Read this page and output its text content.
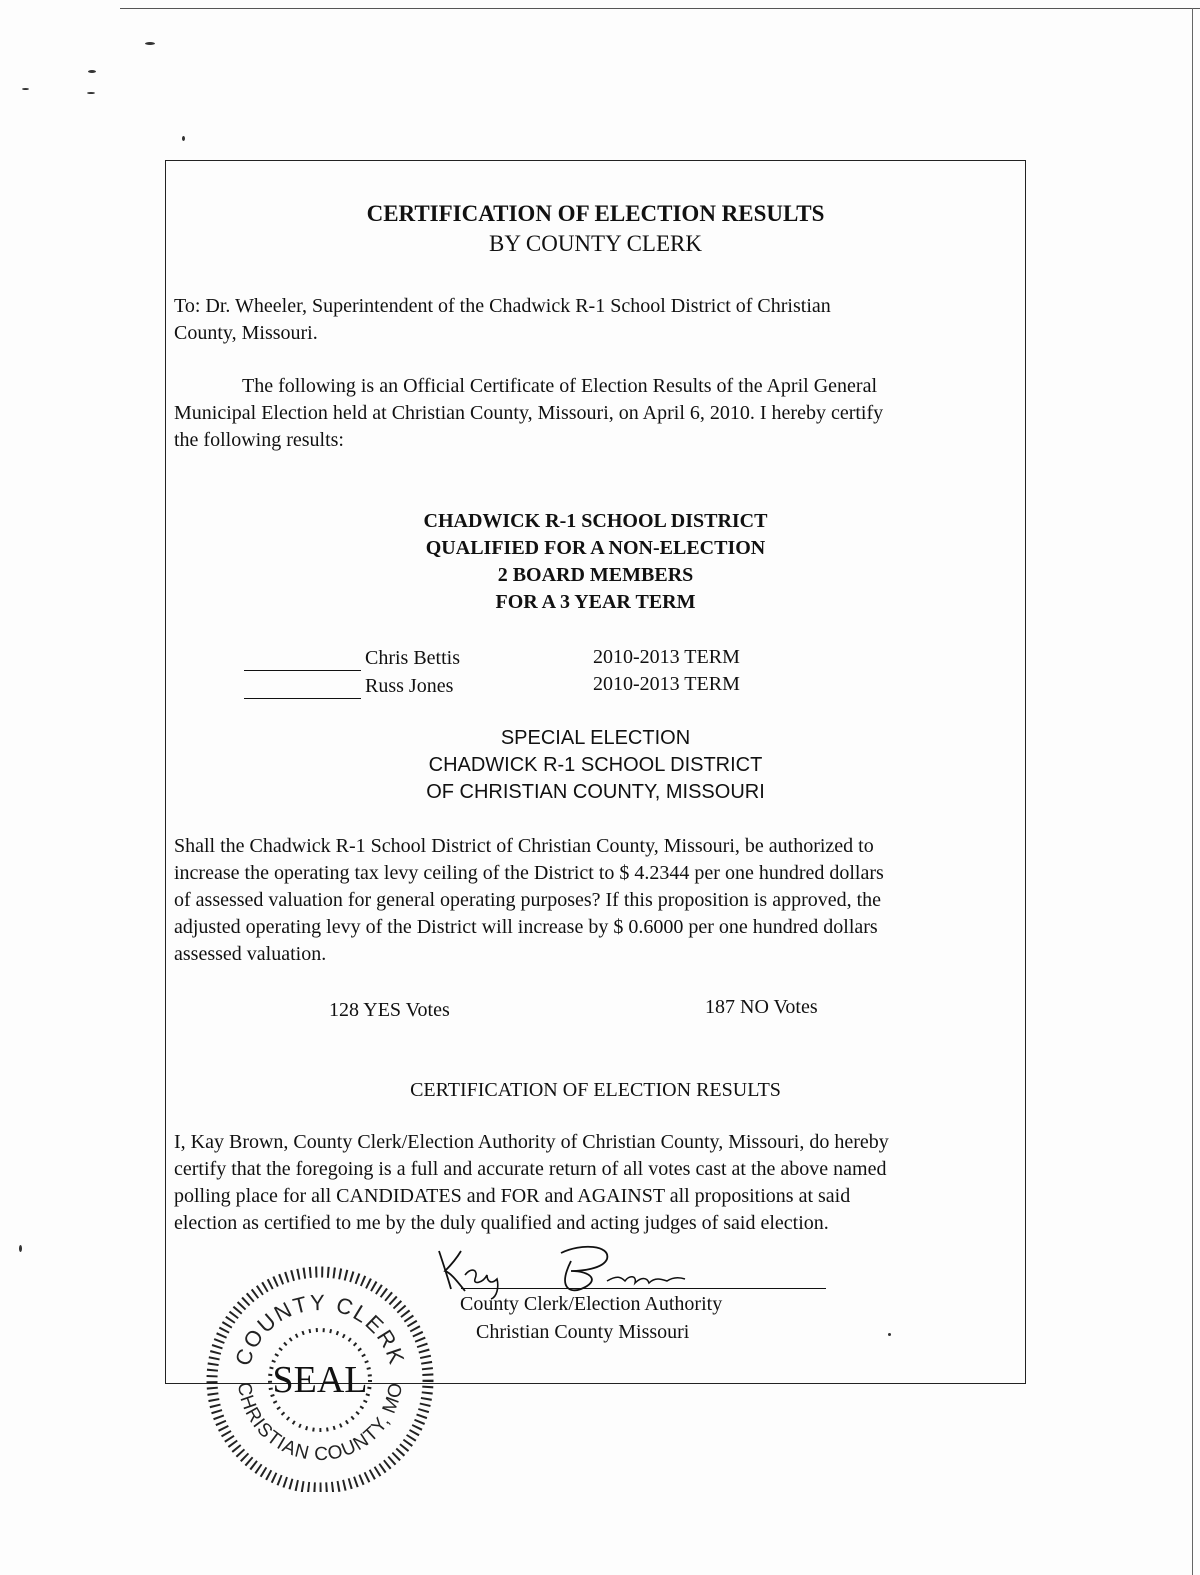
CERTIFICATION OF ELECTION RESULTS
BY COUNTY CLERK
To: Dr. Wheeler, Superintendent of the Chadwick R-1 School District of Christian
County, Missouri.
The following is an Official Certificate of Election Results of the April General
Municipal Election held at Christian County, Missouri, on April 6, 2010. I hereby certify
the following results:
CHADWICK R-1 SCHOOL DISTRICT
QUALIFIED FOR A NON-ELECTION
2 BOARD MEMBERS
FOR A 3 YEAR TERM
Chris Bettis	2010-2013 TERM
Russ Jones	2010-2013 TERM
SPECIAL ELECTION
CHADWICK R-1 SCHOOL DISTRICT
OF CHRISTIAN COUNTY, MISSOURI
Shall the Chadwick R-1 School District of Christian County, Missouri, be authorized to
increase the operating tax levy ceiling of the District to $ 4.2344 per one hundred dollars
of assessed valuation for general operating purposes? If this proposition is approved, the
adjusted operating levy of the District will increase by $ 0.6000 per one hundred dollars
assessed valuation.
128 YES Votes	187 NO Votes
CERTIFICATION OF ELECTION RESULTS
I, Kay Brown, County Clerk/Election Authority of Christian County, Missouri, do hereby
certify that the foregoing is a full and accurate return of all votes cast at the above named
polling place for all CANDIDATES and FOR and AGAINST all propositions at said
election as certified to me by the duly qualified and acting judges of said election.
County Clerk/Election Authority
Christian County Missouri
COUNTY CLERK
CHRISTIAN COUNTY, MO
SEAL
